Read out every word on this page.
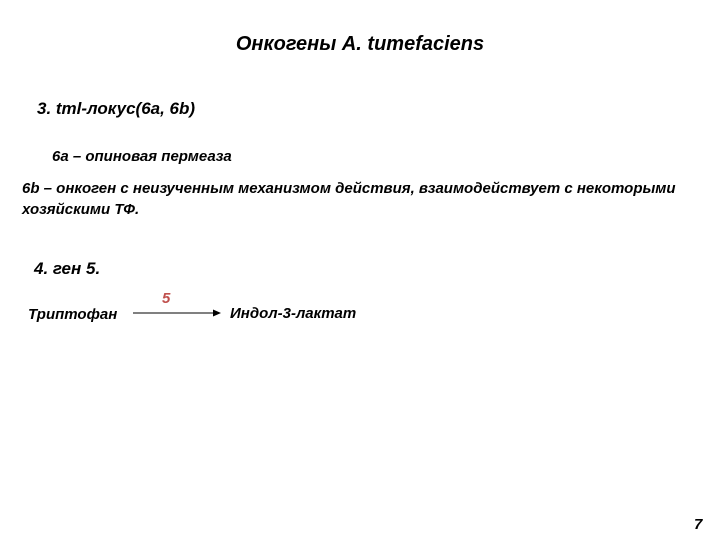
Онкогены A. tumefaciens
3. tml-локус(6a, 6b)
6a – опиновая пермеаза
6b – онкоген с неизученным механизмом действия, взаимодействует с некоторыми хозяйскими ТФ.
4. ген 5.
Триптофан
5
Индол-3-лактат
7
